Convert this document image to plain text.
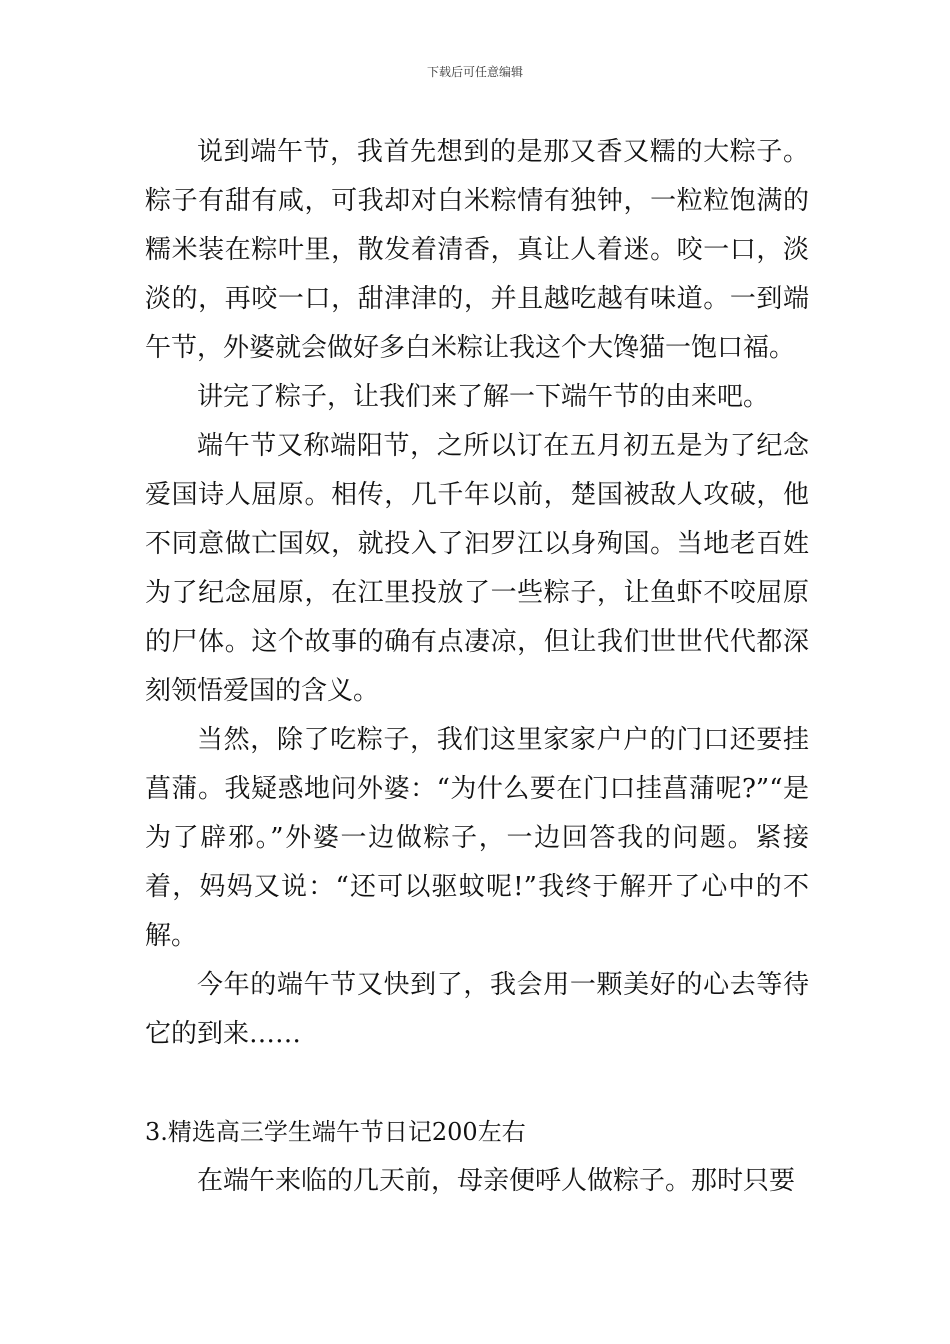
下载后可任意编辑

说到端午节，我首先想到的是那又香又糯的大粽子。粽子有甜有咸，可我却对白米粽情有独钟，一粒粒饱满的糯米装在粽叶里，散发着清香，真让人着迷。咬一口，淡淡的，再咬一口，甜津津的，并且越吃越有味道。一到端午节，外婆就会做好多白米粽让我这个大馋猫一饱口福。

讲完了粽子，让我们来了解一下端午节的由来吧。

端午节又称端阳节，之所以订在五月初五是为了纪念爱国诗人屈原。相传，几千年以前，楚国被敌人攻破，他不同意做亡国奴，就投入了汩罗江以身殉国。当地老百姓为了纪念屈原，在江里投放了一些粽子，让鱼虾不咬屈原的尸体。这个故事的确有点凄凉，但让我们世世代代都深刻领悟爱国的含义。

当然，除了吃粽子，我们这里家家户户的门口还要挂菖蒲。我疑惑地问外婆：“为什么要在门口挂菖蒲呢?”“是为了辟邪。”外婆一边做粽子，一边回答我的问题。紧接着，妈妈又说：“还可以驱蚊呢!”我终于解开了心中的不解。

今年的端午节又快到了，我会用一颗美好的心去等待它的到来……

3.精选高三学生端午节日记200左右

在端午来临的几天前，母亲便呼人做粽子。那时只要
